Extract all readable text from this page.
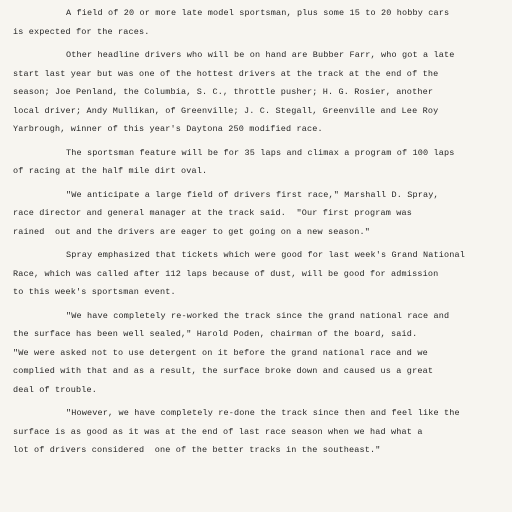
A field of 20 or more late model sportsman, plus some 15 to 20 hobby cars
is expected for the races.
Other headline drivers who will be on hand are Bubber Farr, who got a late
start last year but was one of the hottest drivers at the track at the end of the
season; Joe Penland, the Columbia, S. C., throttle pusher; H. G. Rosier, another
local driver; Andy Mullikan, of Greenville; J. C. Stegall, Greenville and Lee Roy
Yarbrough, winner of this year's Daytona 250 modified race.
The sportsman feature will be for 35 laps and climax a program of 100 laps
of racing at the half mile dirt oval.
"We anticipate a large field of drivers first race," Marshall D. Spray,
race director and general manager at the track said.  "Our first program was
rained  out and the drivers are eager to get going on a new season."
Spray emphasized that tickets which were good for last week's Grand National
Race, which was called after 112 laps because of dust, will be good for admission
to this week's sportsman event.
"We have completely re-worked the track since the grand national race and
the surface has been well sealed," Harold Poden, chairman of the board, said.
"We were asked not to use detergent on it before the grand national race and we
complied with that and as a result, the surface broke down and caused us a great
deal of trouble.
"However, we have completely re-done the track since then and feel like the
surface is as good as it was at the end of last race season when we had what a
lot of drivers considered  one of the better tracks in the southeast."
